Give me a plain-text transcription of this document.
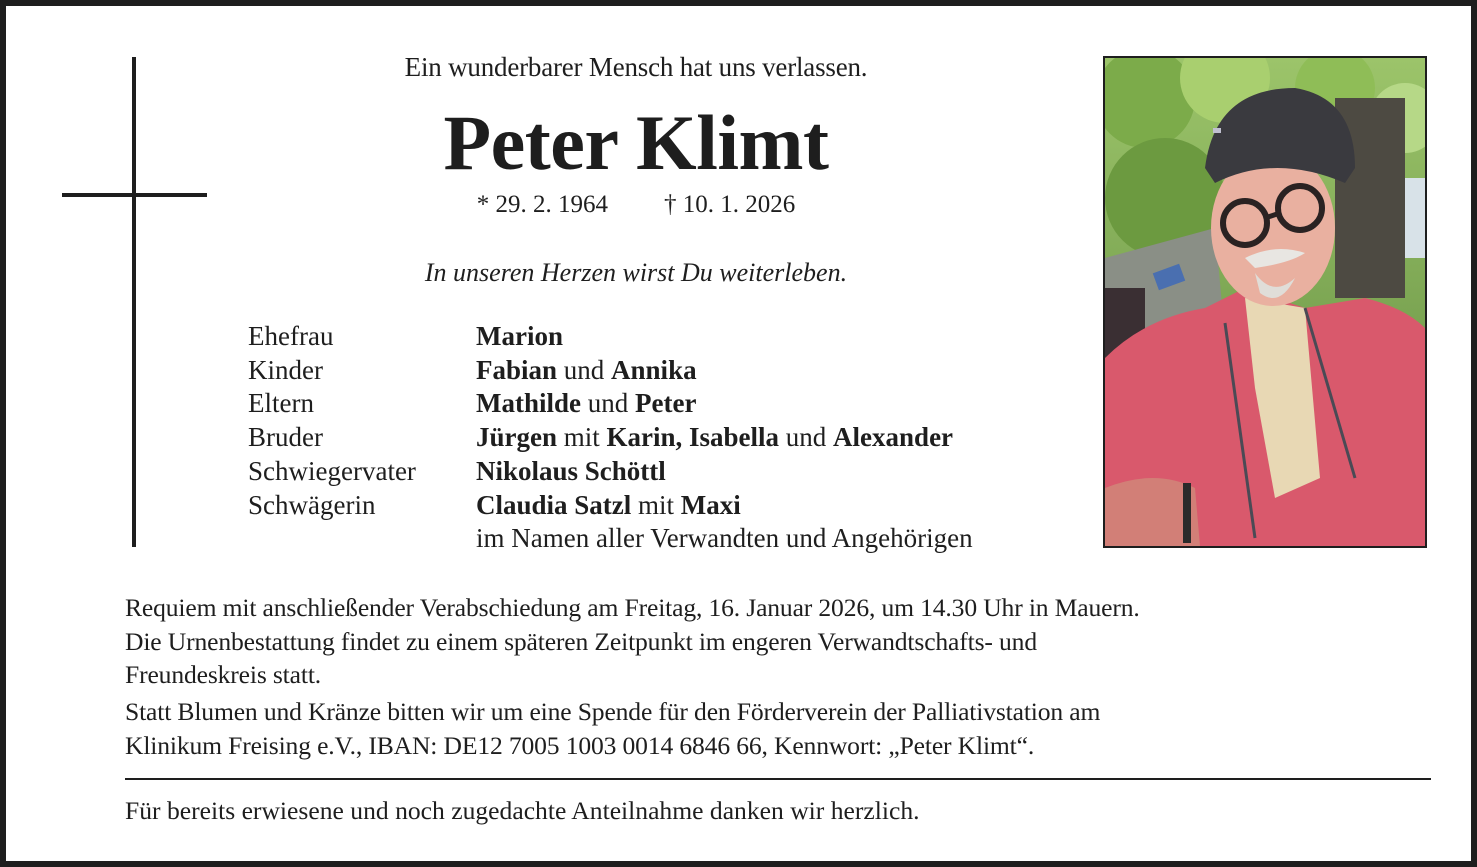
Ein wunderbarer Mensch hat uns verlassen.
Peter Klimt
* 29. 2. 1964 † 10. 1. 2026
In unseren Herzen wirst Du weiterleben.
Ehefrau	Marion
Kinder	Fabian und Annika
Eltern	Mathilde und Peter
Bruder	Jürgen mit Karin, Isabella und Alexander
Schwiegervater	Nikolaus Schöttl
Schwägerin	Claudia Satzl mit Maxi
im Namen aller Verwandten und Angehörigen
Requiem mit anschließender Verabschiedung am Freitag, 16. Januar 2026, um 14.30 Uhr in Mauern.
Die Urnenbestattung findet zu einem späteren Zeitpunkt im engeren Verwandtschafts- und
Freundeskreis statt.
Statt Blumen und Kränze bitten wir um eine Spende für den Förderverein der Palliativstation am
Klinikum Freising e.V., IBAN: DE12 7005 1003 0014 6846 66, Kennwort: „Peter Klimt“.
Für bereits erwiesene und noch zugedachte Anteilnahme danken wir herzlich.
